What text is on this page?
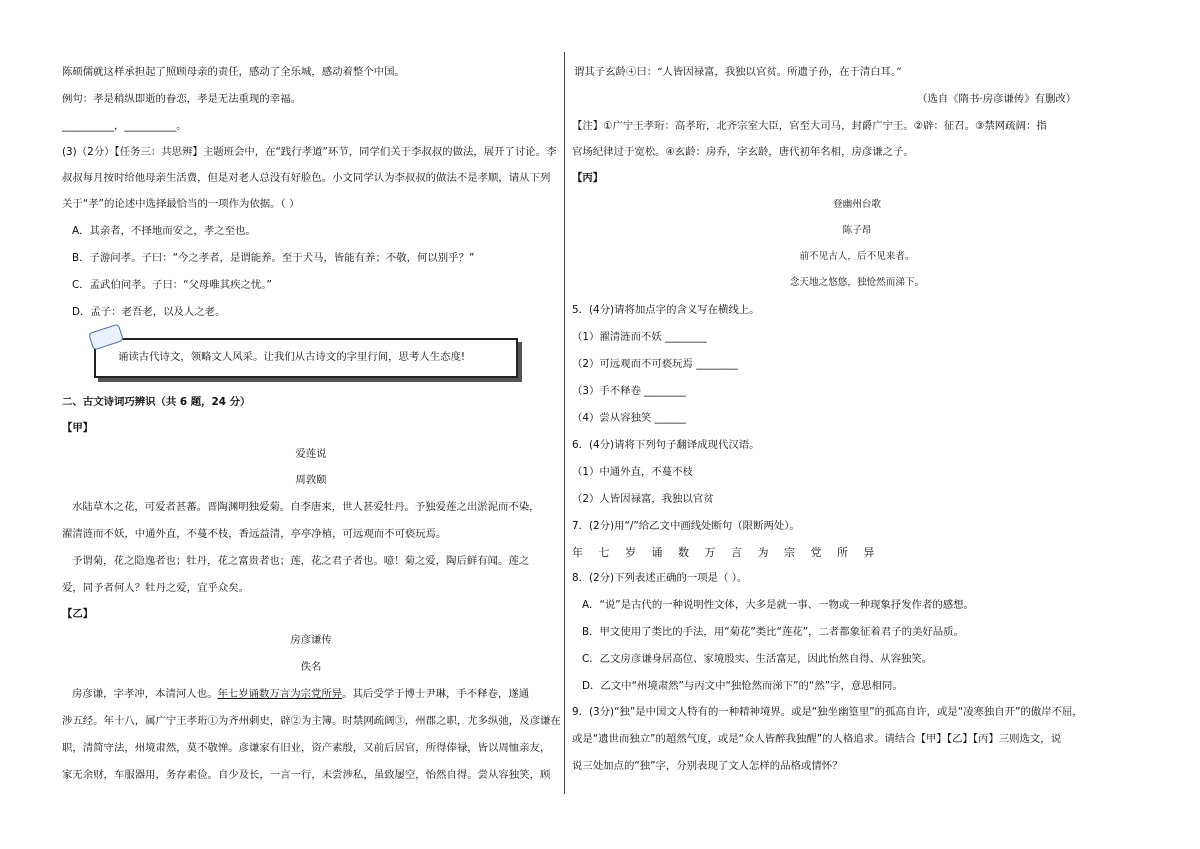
陈硕儒就这样承担起了照顾母亲的责任，感动了全乐城，感动着整个中国。
例句：孝是稍纵即逝的眷恋，孝是无法重现的幸福。
__________，__________。
(3)（2分）【任务三：共思辨】主题班会中，在“践行孝道”环节，同学们关于李叔叔的做法，展开了讨论。李
叔叔每月按时给他母亲生活费，但是对老人总没有好脸色。小文同学认为李叔叔的做法不是孝顺，请从下列
关于“孝”的论述中选择最恰当的一项作为依据。（ ）
A．其亲者，不择地而安之，孝之至也。
B．子游问孝。子曰：“今之孝者，是谓能养。至于犬马，皆能有养；不敬，何以别乎？”
C．孟武伯问孝。子曰：“父母唯其疾之忧。”
D．孟子：老吾老，以及人之老。
诵读古代诗文，领略文人风采。让我们从古诗文的字里行间，思考人生态度!
二、古文诗词巧辨识（共 6 题，24 分）
【甲】
爱莲说
周敦颐
水陆草木之花，可爱者甚蕃。晋陶渊明独爱菊。自李唐来，世人甚爱牡丹。予独爱莲之出淤泥而不染，
濯清涟而不妖，中通外直，不蔓不枝，香远益清，亭亭净植，可远观而不可亵玩焉。
予谓菊，花之隐逸者也；牡丹，花之富贵者也；莲，花之君子者也。噫！菊之爱，陶后鲜有闻。莲之
爱，同予者何人？牡丹之爱，宜乎众矣。
【乙】
房彦谦传
佚名
房彦谦，字孝冲，本清河人也。年七岁诵数万言为宗党所异。其后受学于博士尹琳，手不释卷，遂通
涉五经。年十八，属广宁王孝珩①为齐州刺史，辟②为主簿。时禁网疏阔③，州郡之职，尤多纵弛，及彦谦在
职，清简守法，州境肃然，莫不敬惮。彦谦家有旧业，资产素殷，又前后居官，所得俸禄，皆以周恤亲友，
家无余财，车服器用，务存素俭。自少及长，一言一行，未尝涉私，虽致屡空，怡然自得。尝从容独笑，顾
谓其子玄龄④曰：“人皆因禄富，我独以官贫。所遗子孙，在于清白耳。”
（选自《隋书·房彦谦传》有删改）
【注】①广宁王孝珩：高孝珩，北齐宗室大臣，官至大司马，封爵广宁王。②辟：征召。③禁网疏阔：指
官场纪律过于宽松。④玄龄：房乔，字玄龄，唐代初年名相，房彦谦之子。
【丙】
登幽州台歌
陈子昂
前不见古人，后不见来者。
念天地之悠悠，独怆然而涕下。
5．(4分)请将加点字的含义写在横线上。
（1）濯清涟而不妖 ________
（2）可远观而不可亵玩焉 ________
（3）手不释卷 ________
（4）尝从容独笑 ______
6．(4分)请将下列句子翻译成现代汉语。
（1）中通外直，不蔓不枝
（2）人皆因禄富，我独以官贫
7．(2分)用“/”给乙文中画线处断句（限断两处）。
年 七 岁 诵 数 万 言 为 宗 党 所 异
8．(2分)下列表述正确的一项是（ ）。
A．“说”是古代的一种说明性文体，大多是就一事、一物或一种现象抒发作者的感想。
B．甲文使用了类比的手法，用“菊花”类比“莲花”，二者都象征着君子的美好品质。
C．乙文房彦谦身居高位、家境殷实、生活富足，因此怡然自得、从容独笑。
D．乙文中“州境肃然”与丙文中“独怆然而涕下”的“然”字，意思相同。
9．(3分)“独”是中国文人特有的一种精神境界。或是“独坐幽篁里”的孤高自许，或是“凌寒独自开”的傲岸不屈，
或是“遗世而独立”的超然气度，或是“众人皆醉我独醒”的人格追求。请结合【甲】【乙】【丙】三则选文，说
说三处加点的“独”字，分别表现了文人怎样的品格或情怀？
